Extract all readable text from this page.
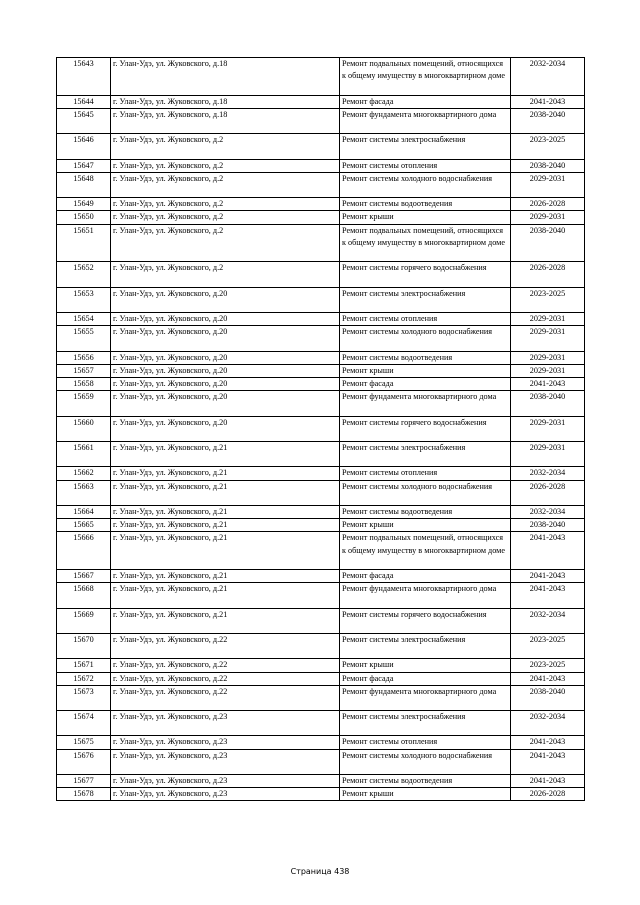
15643	г. Улан-Удэ, ул. Жуковского, д.18	Ремонт подвальных помещений, относящихся к общему имуществу в многоквартирном доме	2032-2034
15644	г. Улан-Удэ, ул. Жуковского, д.18	Ремонт фасада	2041-2043
15645	г. Улан-Удэ, ул. Жуковского, д.18	Ремонт фундамента многоквартирного дома	2038-2040
15646	г. Улан-Удэ, ул. Жуковского, д.2	Ремонт системы электроснабжения	2023-2025
15647	г. Улан-Удэ, ул. Жуковского, д.2	Ремонт системы отопления	2038-2040
15648	г. Улан-Удэ, ул. Жуковского, д.2	Ремонт системы холодного водоснабжения	2029-2031
15649	г. Улан-Удэ, ул. Жуковского, д.2	Ремонт системы водоотведения	2026-2028
15650	г. Улан-Удэ, ул. Жуковского, д.2	Ремонт крыши	2029-2031
15651	г. Улан-Удэ, ул. Жуковского, д.2	Ремонт подвальных помещений, относящихся к общему имуществу в многоквартирном доме	2038-2040
15652	г. Улан-Удэ, ул. Жуковского, д.2	Ремонт системы горячего водоснабжения	2026-2028
15653	г. Улан-Удэ, ул. Жуковского, д.20	Ремонт системы электроснабжения	2023-2025
15654	г. Улан-Удэ, ул. Жуковского, д.20	Ремонт системы отопления	2029-2031
15655	г. Улан-Удэ, ул. Жуковского, д.20	Ремонт системы холодного водоснабжения	2029-2031
15656	г. Улан-Удэ, ул. Жуковского, д.20	Ремонт системы водоотведения	2029-2031
15657	г. Улан-Удэ, ул. Жуковского, д.20	Ремонт крыши	2029-2031
15658	г. Улан-Удэ, ул. Жуковского, д.20	Ремонт фасада	2041-2043
15659	г. Улан-Удэ, ул. Жуковского, д.20	Ремонт фундамента многоквартирного дома	2038-2040
15660	г. Улан-Удэ, ул. Жуковского, д.20	Ремонт системы горячего водоснабжения	2029-2031
15661	г. Улан-Удэ, ул. Жуковского, д.21	Ремонт системы электроснабжения	2029-2031
15662	г. Улан-Удэ, ул. Жуковского, д.21	Ремонт системы отопления	2032-2034
15663	г. Улан-Удэ, ул. Жуковского, д.21	Ремонт системы холодного водоснабжения	2026-2028
15664	г. Улан-Удэ, ул. Жуковского, д.21	Ремонт системы водоотведения	2032-2034
15665	г. Улан-Удэ, ул. Жуковского, д.21	Ремонт крыши	2038-2040
15666	г. Улан-Удэ, ул. Жуковского, д.21	Ремонт подвальных помещений, относящихся к общему имуществу в многоквартирном доме	2041-2043
15667	г. Улан-Удэ, ул. Жуковского, д.21	Ремонт фасада	2041-2043
15668	г. Улан-Удэ, ул. Жуковского, д.21	Ремонт фундамента многоквартирного дома	2041-2043
15669	г. Улан-Удэ, ул. Жуковского, д.21	Ремонт системы горячего водоснабжения	2032-2034
15670	г. Улан-Удэ, ул. Жуковского, д.22	Ремонт системы электроснабжения	2023-2025
15671	г. Улан-Удэ, ул. Жуковского, д.22	Ремонт крыши	2023-2025
15672	г. Улан-Удэ, ул. Жуковского, д.22	Ремонт фасада	2041-2043
15673	г. Улан-Удэ, ул. Жуковского, д.22	Ремонт фундамента многоквартирного дома	2038-2040
15674	г. Улан-Удэ, ул. Жуковского, д.23	Ремонт системы электроснабжения	2032-2034
15675	г. Улан-Удэ, ул. Жуковского, д.23	Ремонт системы отопления	2041-2043
15676	г. Улан-Удэ, ул. Жуковского, д.23	Ремонт системы холодного водоснабжения	2041-2043
15677	г. Улан-Удэ, ул. Жуковского, д.23	Ремонт системы водоотведения	2041-2043
15678	г. Улан-Удэ, ул. Жуковского, д.23	Ремонт крыши	2026-2028
Страница 438
